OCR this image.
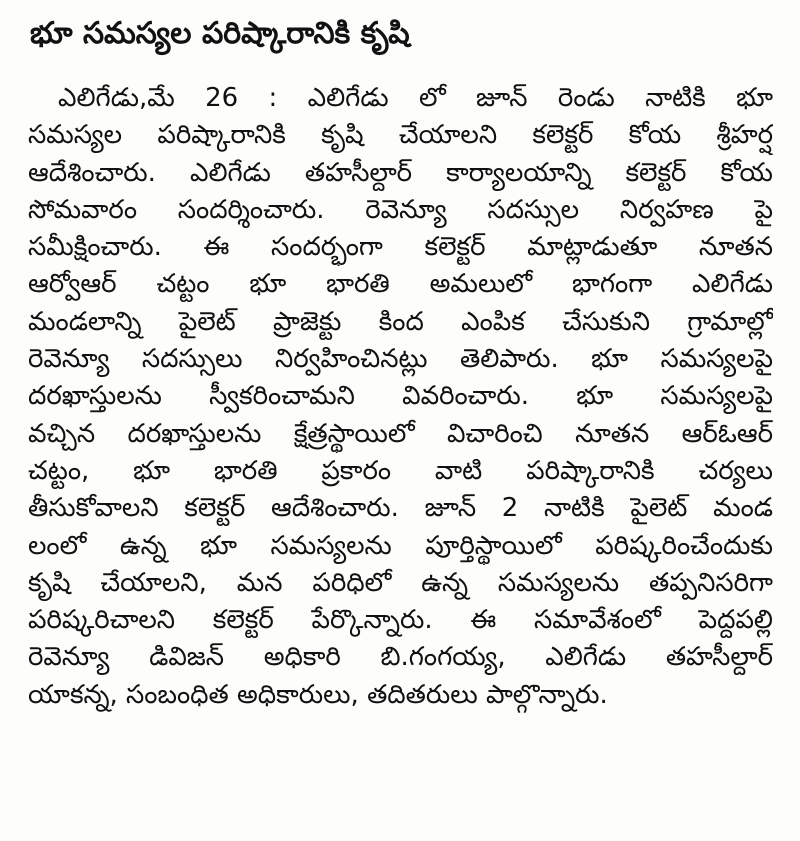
భూ సమస్యల పరిష్కారానికి కృషి
ఎలిగేడు,మే 26 : ఎలిగేడు లో జూన్ రెండు నాటికి భూ
సమస్యల పరిష్కారానికి కృషి చేయాలని కలెక్టర్ కోయ శ్రీహర్ష
ఆదేశించారు. ఎలిగేడు తహసీల్దార్ కార్యాలయాన్ని కలెక్టర్ కోయ
సోమవారం సందర్శించారు. రెవెన్యూ సదస్సుల నిర్వహణ పై
సమీక్షించారు. ఈ సందర్భంగా కలెక్టర్ మాట్లాడుతూ నూతన
ఆర్వోఆర్ చట్టం భూ భారతి అమలులో భాగంగా ఎలిగేడు
మండలాన్ని పైలెట్ ప్రాజెక్టు కింద ఎంపిక చేసుకుని గ్రామాల్లో
రెవెన్యూ సదస్సులు నిర్వహించినట్లు తెలిపారు. భూ సమస్యలపై
దరఖాస్తులను స్వీకరించామని వివరించారు. భూ సమస్యలపై
వచ్చిన దరఖాస్తులను క్షేత్రస్థాయిలో విచారించి నూతన ఆర్ఓఆర్
చట్టం, భూ భారతి ప్రకారం వాటి పరిష్కారానికి చర్యలు
తీసుకోవాలని కలెక్టర్ ఆదేశించారు. జూన్ 2 నాటికి పైలెట్ మండ
లంలో ఉన్న భూ సమస్యలను పూర్తిస్థాయిలో పరిష్కరించేందుకు
కృషి చేయాలని, మన పరిధిలో ఉన్న సమస్యలను తప్పనిసరిగా
పరిష్కరిచాలని కలెక్టర్ పేర్కొన్నారు. ఈ సమావేశంలో పెద్దపల్లి
రెవెన్యూ డివిజన్ అధికారి బి.గంగయ్య, ఎలిగేడు తహసీల్దార్
యాకన్న, సంబంధిత అధికారులు, తదితరులు పాల్గొన్నారు.
